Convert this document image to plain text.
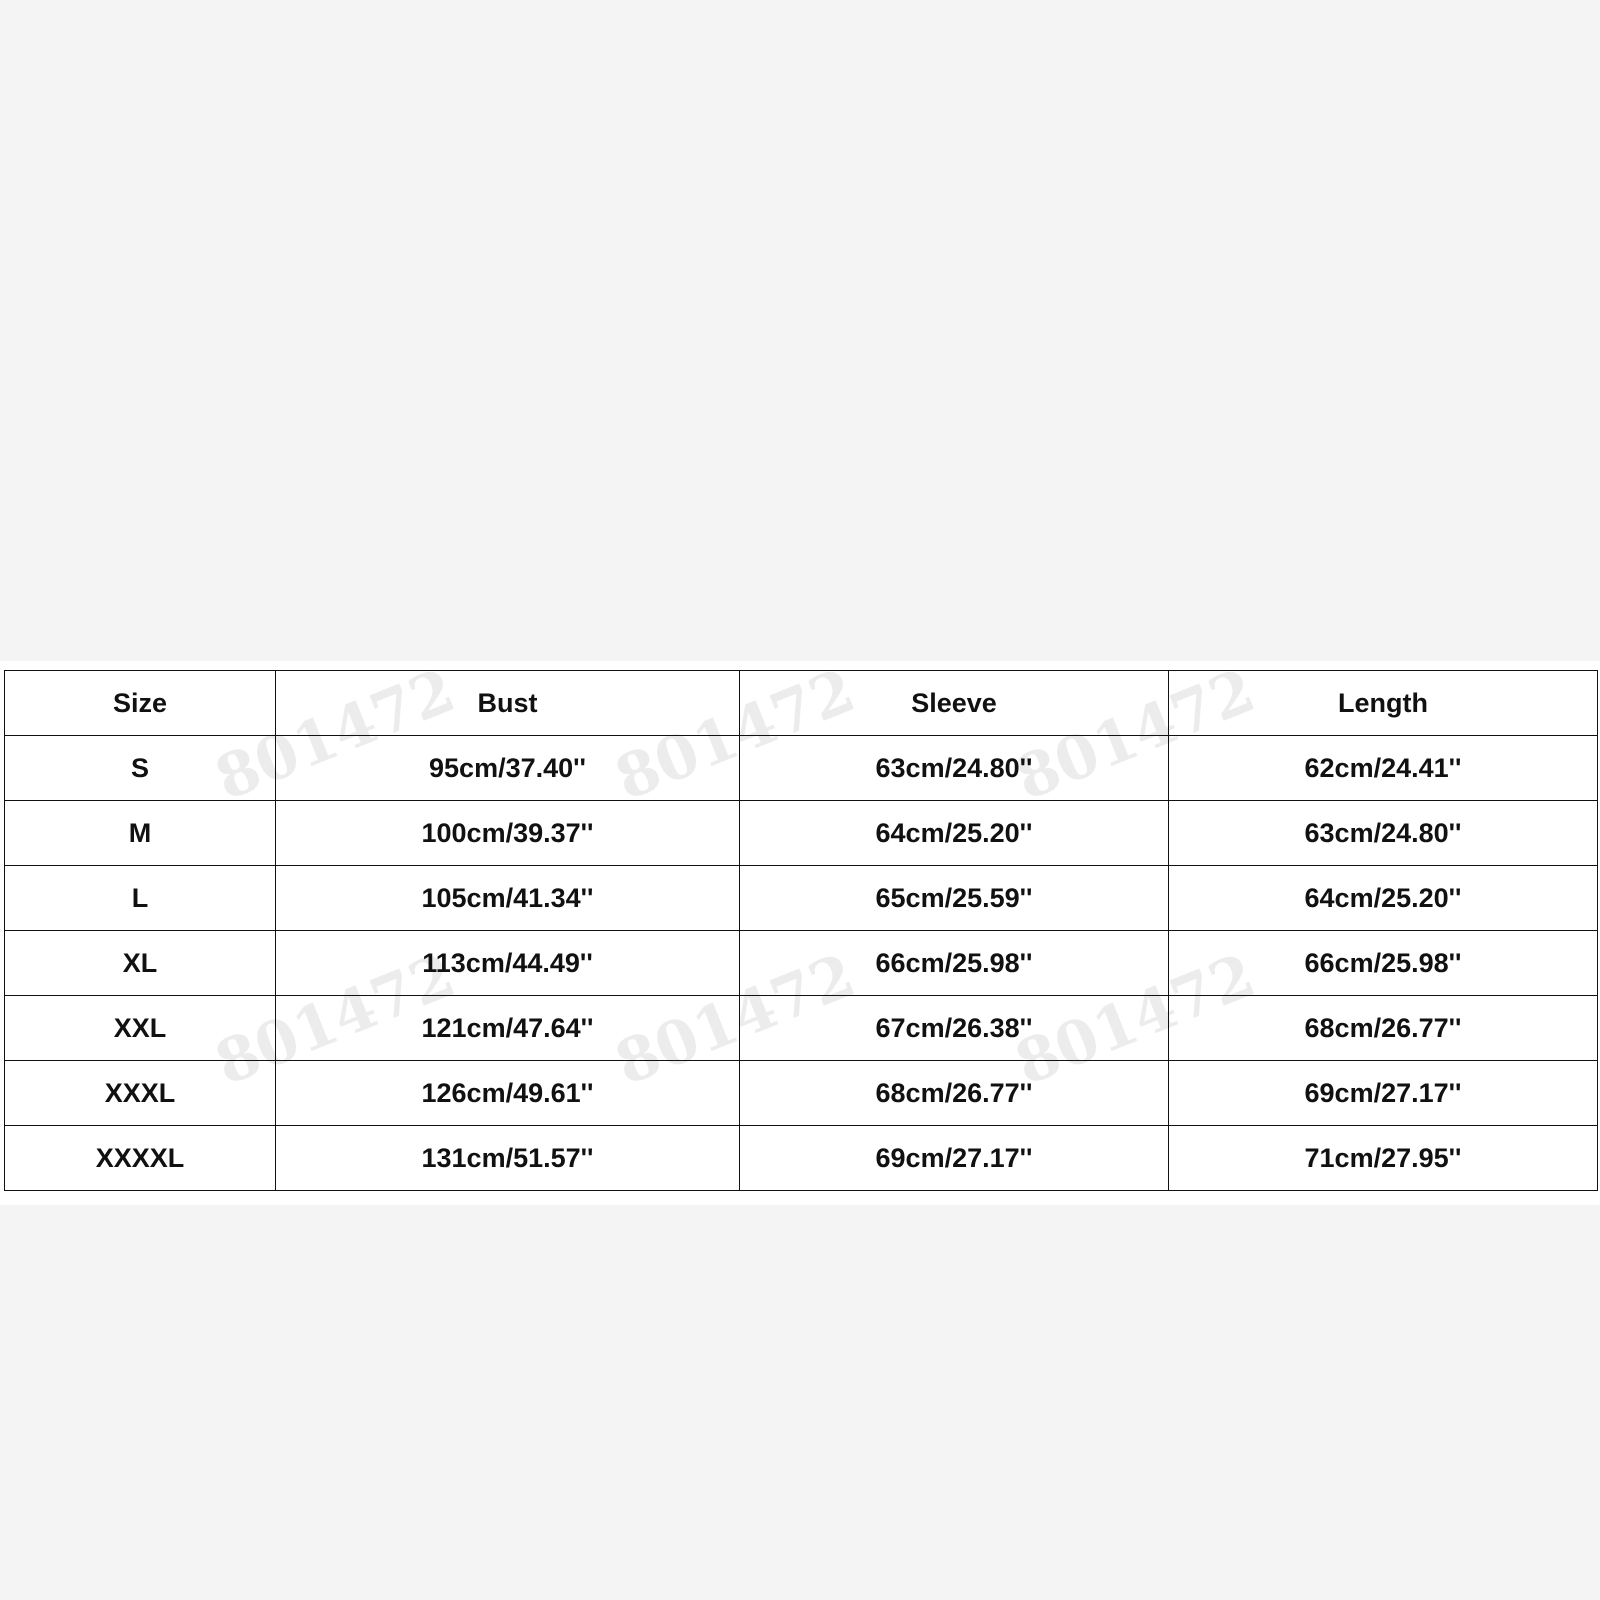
801472 801472 801472
801472 801472 801472
Size	Bust	Sleeve	Length
S	95cm/37.40''	63cm/24.80''	62cm/24.41''
M	100cm/39.37''	64cm/25.20''	63cm/24.80''
L	105cm/41.34''	65cm/25.59''	64cm/25.20''
XL	113cm/44.49''	66cm/25.98''	66cm/25.98''
XXL	121cm/47.64''	67cm/26.38''	68cm/26.77''
XXXL	126cm/49.61''	68cm/26.77''	69cm/27.17''
XXXXL	131cm/51.57''	69cm/27.17''	71cm/27.95''
